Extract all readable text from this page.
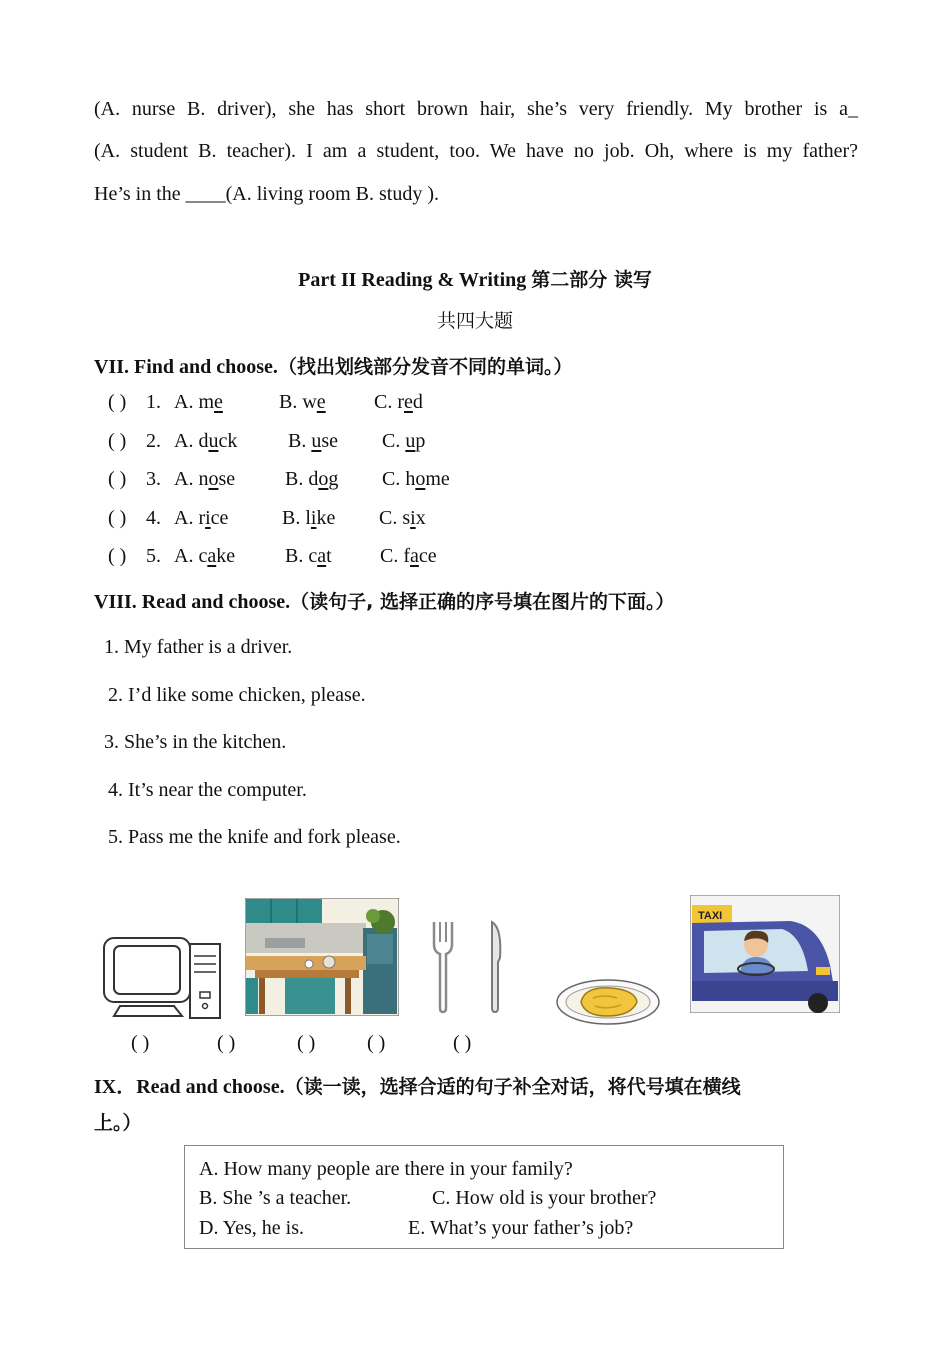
(A. nurse B. driver), she has short brown hair, she’s very friendly. My brother is a_
(A. student B. teacher). I am a student, too. We have no job. Oh, where is my father?
He’s in the ____(A. living room B. study ).
Part II Reading & Writing 第二部分 读写
共四大题
VII. Find and choose.（找出划线部分发音不同的单词。）
( ) 1. A. me	B. we C. red
( ) 2. A. duck	B. use C. up
( ) 3. A. nose B. dog C. home
( ) 4. A. rice	B. like C. six
( ) 5. A. cake B. cat C. face
VIII. Read and choose.（读句子, 选择正确的序号填在图片的下面。）
1. My father is a driver.
2. I’d like some chicken, please.
3. She’s in the kitchen.
4. It’s near the computer.
5. Pass me the knife and fork please.
TAXI
( )	( )	( )	( )	( )
IX．Read and choose.（读一读，选择合适的句子补全对话，将代号填在横线
上。）
A. How many people are there in your family?
B. She ’s a teacher.	C. How old is your brother?
D. Yes, he is.	E. What’s your father’s job?
